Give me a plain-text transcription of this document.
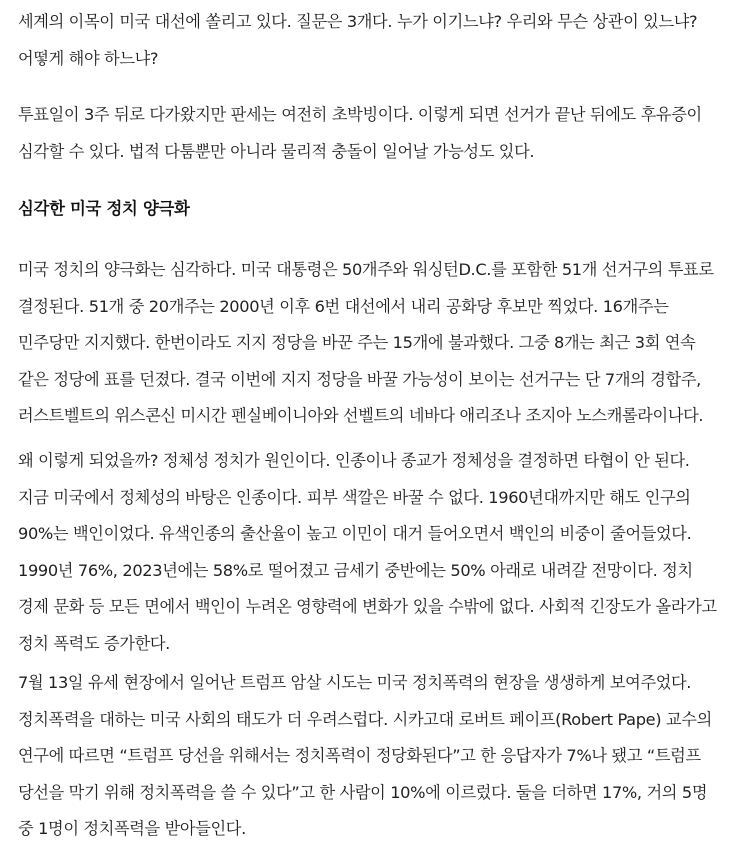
세계의 이목이 미국 대선에 쏠리고 있다. 질문은 3개다. 누가 이기느냐? 우리와 무슨 상관이 있느냐? 어떻게 해야 하느냐?

투표일이 3주 뒤로 다가왔지만 판세는 여전히 초박빙이다. 이렇게 되면 선거가 끝난 뒤에도 후유증이 심각할 수 있다. 법적 다툼뿐만 아니라 물리적 충돌이 일어날 가능성도 있다.

심각한 미국 정치 양극화

미국 정치의 양극화는 심각하다. 미국 대통령은 50개주와 워싱턴D.C.를 포함한 51개 선거구의 투표로 결정된다. 51개 중 20개주는 2000년 이후 6번 대선에서 내리 공화당 후보만 찍었다. 16개주는 민주당만 지지했다. 한번이라도 지지 정당을 바꾼 주는 15개에 불과했다. 그중 8개는 최근 3회 연속 같은 정당에 표를 던졌다. 결국 이번에 지지 정당을 바꿀 가능성이 보이는 선거구는 단 7개의 경합주, 러스트벨트의 위스콘신 미시간 펜실베이니아와 선벨트의 네바다 애리조나 조지아 노스캐롤라이나다.

왜 이렇게 되었을까? 정체성 정치가 원인이다. 인종이나 종교가 정체성을 결정하면 타협이 안 된다. 지금 미국에서 정체성의 바탕은 인종이다. 피부 색깔은 바꿀 수 없다. 1960년대까지만 해도 인구의 90%는 백인이었다. 유색인종의 출산율이 높고 이민이 대거 들어오면서 백인의 비중이 줄어들었다. 1990년 76%, 2023년에는 58%로 떨어졌고 금세기 중반에는 50% 아래로 내려갈 전망이다. 정치 경제 문화 등 모든 면에서 백인이 누려온 영향력에 변화가 있을 수밖에 없다. 사회적 긴장도가 올라가고 정치 폭력도 증가한다.

7월 13일 유세 현장에서 일어난 트럼프 암살 시도는 미국 정치폭력의 현장을 생생하게 보여주었다. 정치폭력을 대하는 미국 사회의 태도가 더 우려스럽다. 시카고대 로버트 페이프(Robert Pape) 교수의 연구에 따르면 “트럼프 당선을 위해서는 정치폭력이 정당화된다”고 한 응답자가 7%나 됐고 “트럼프 당선을 막기 위해 정치폭력을 쓸 수 있다”고 한 사람이 10%에 이르렀다. 둘을 더하면 17%, 거의 5명 중 1명이 정치폭력을 받아들인다.
